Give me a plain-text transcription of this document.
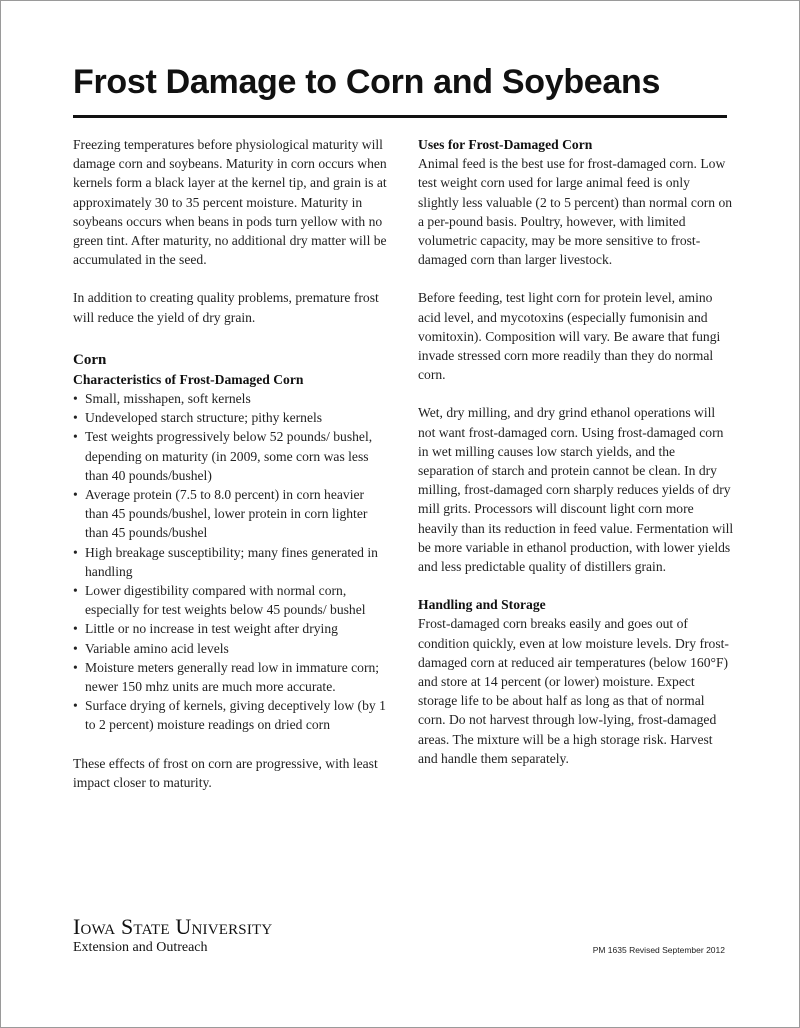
Frost Damage to Corn and Soybeans

Freezing temperatures before physiological maturity will damage corn and soybeans. Maturity in corn occurs when kernels form a black layer at the kernel tip, and grain is at approximately 30 to 35 percent moisture. Maturity in soybeans occurs when beans in pods turn yellow with no green tint. After maturity, no additional dry matter will be accumulated in the seed.

In addition to creating quality problems, premature frost will reduce the yield of dry grain.

Corn
Characteristics of Frost-Damaged Corn
• Small, misshapen, soft kernels
• Undeveloped starch structure; pithy kernels
• Test weights progressively below 52 pounds/ bushel, depending on maturity (in 2009, some corn was less than 40 pounds/bushel)
• Average protein (7.5 to 8.0 percent) in corn heavier than 45 pounds/bushel, lower protein in corn lighter than 45 pounds/bushel
• High breakage susceptibility; many fines generated in handling
• Lower digestibility compared with normal corn, especially for test weights below 45 pounds/ bushel
• Little or no increase in test weight after drying
• Variable amino acid levels
• Moisture meters generally read low in immature corn; newer 150 mhz units are much more accurate.
• Surface drying of kernels, giving deceptively low (by 1 to 2 percent) moisture readings on dried corn

These effects of frost on corn are progressive, with least impact closer to maturity.

Uses for Frost-Damaged Corn

Animal feed is the best use for frost-damaged corn. Low test weight corn used for large animal feed is only slightly less valuable (2 to 5 percent) than normal corn on a per-pound basis. Poultry, however, with limited volumetric capacity, may be more sensitive to frost-damaged corn than larger livestock.

Before feeding, test light corn for protein level, amino acid level, and mycotoxins (especially fumonisin and vomitoxin). Composition will vary. Be aware that fungi invade stressed corn more readily than they do normal corn.

Wet, dry milling, and dry grind ethanol operations will not want frost-damaged corn. Using frost-damaged corn in wet milling causes low starch yields, and the separation of starch and protein cannot be clean. In dry milling, frost-damaged corn sharply reduces yields of dry mill grits. Processors will discount light corn more heavily than its reduction in feed value. Fermentation will be more variable in ethanol production, with lower yields and less predictable quality of distillers grain.

Handling and Storage

Frost-damaged corn breaks easily and goes out of condition quickly, even at low moisture levels. Dry frost-damaged corn at reduced air temperatures (below 160°F) and store at 14 percent (or lower) moisture. Expect storage life to be about half as long as that of normal corn. Do not harvest through low-lying, frost-damaged areas. The mixture will be a high storage risk. Harvest and handle them separately.

Iowa State University
Extension and Outreach	PM 1635 Revised September 2012
